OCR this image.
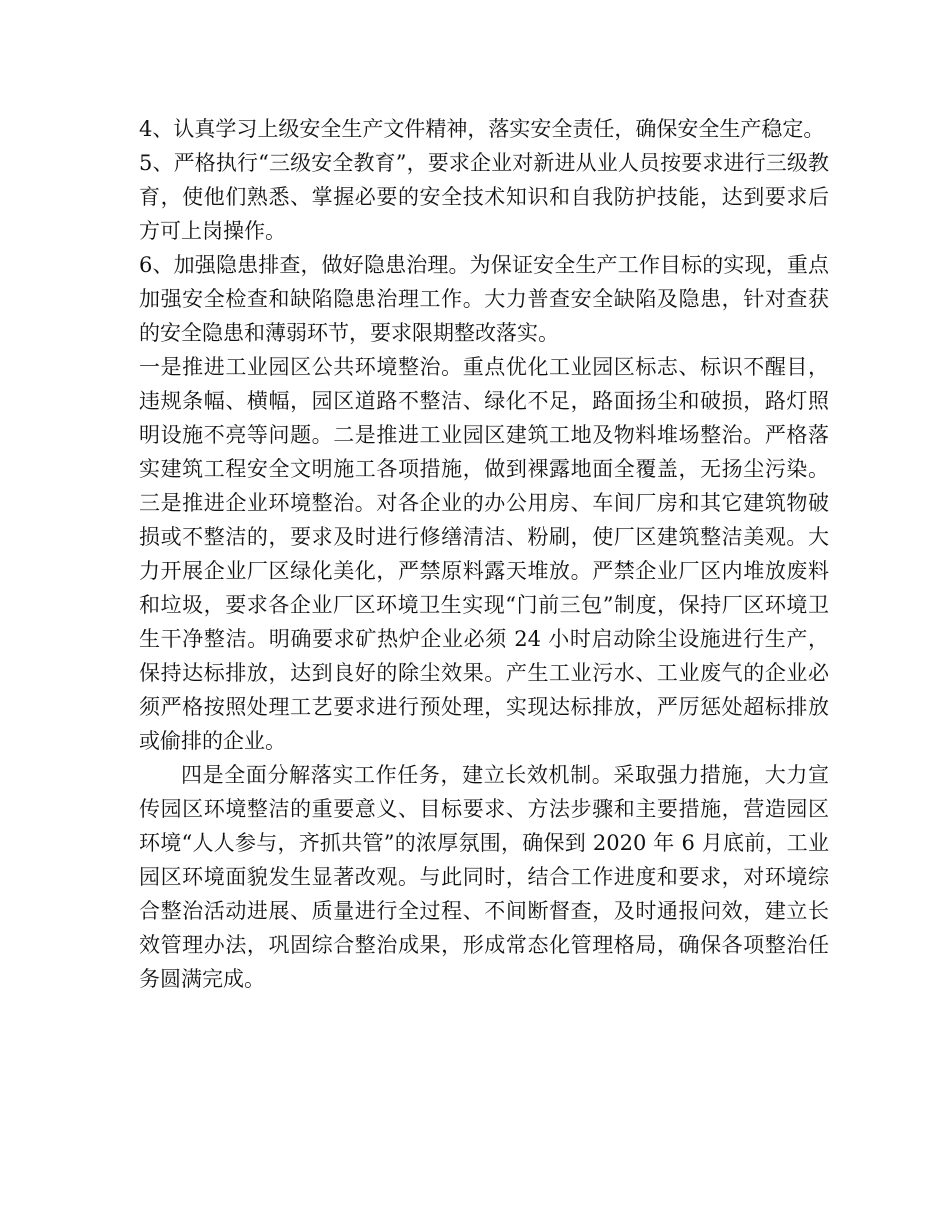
4、认真学习上级安全生产文件精神，落实安全责任，确保安全生产稳定。

5、严格执行“三级安全教育”，要求企业对新进从业人员按要求进行三级教育，使他们熟悉、掌握必要的安全技术知识和自我防护技能，达到要求后方可上岗操作。

6、加强隐患排查，做好隐患治理。为保证安全生产工作目标的实现，重点加强安全检查和缺陷隐患治理工作。大力普查安全缺陷及隐患，针对查获的安全隐患和薄弱环节，要求限期整改落实。

一是推进工业园区公共环境整治。重点优化工业园区标志、标识不醒目，违规条幅、横幅，园区道路不整洁、绿化不足，路面扬尘和破损，路灯照明设施不亮等问题。二是推进工业园区建筑工地及物料堆场整治。严格落实建筑工程安全文明施工各项措施，做到裸露地面全覆盖，无扬尘污染。三是推进企业环境整治。对各企业的办公用房、车间厂房和其它建筑物破损或不整洁的，要求及时进行修缮清洁、粉刷，使厂区建筑整洁美观。大力开展企业厂区绿化美化，严禁原料露天堆放。严禁企业厂区内堆放废料和垃圾，要求各企业厂区环境卫生实现“门前三包”制度，保持厂区环境卫生干净整洁。明确要求矿热炉企业必须 24 小时启动除尘设施进行生产，保持达标排放，达到良好的除尘效果。产生工业污水、工业废气的企业必须严格按照处理工艺要求进行预处理，实现达标排放，严厉惩处超标排放或偷排的企业。

四是全面分解落实工作任务，建立长效机制。采取强力措施，大力宣传园区环境整洁的重要意义、目标要求、方法步骤和主要措施，营造园区环境“人人参与，齐抓共管”的浓厚氛围，确保到 2020 年 6 月底前，工业园区环境面貌发生显著改观。与此同时，结合工作进度和要求，对环境综合整治活动进展、质量进行全过程、不间断督查，及时通报问效，建立长效管理办法，巩固综合整治成果，形成常态化管理格局，确保各项整治任务圆满完成。
